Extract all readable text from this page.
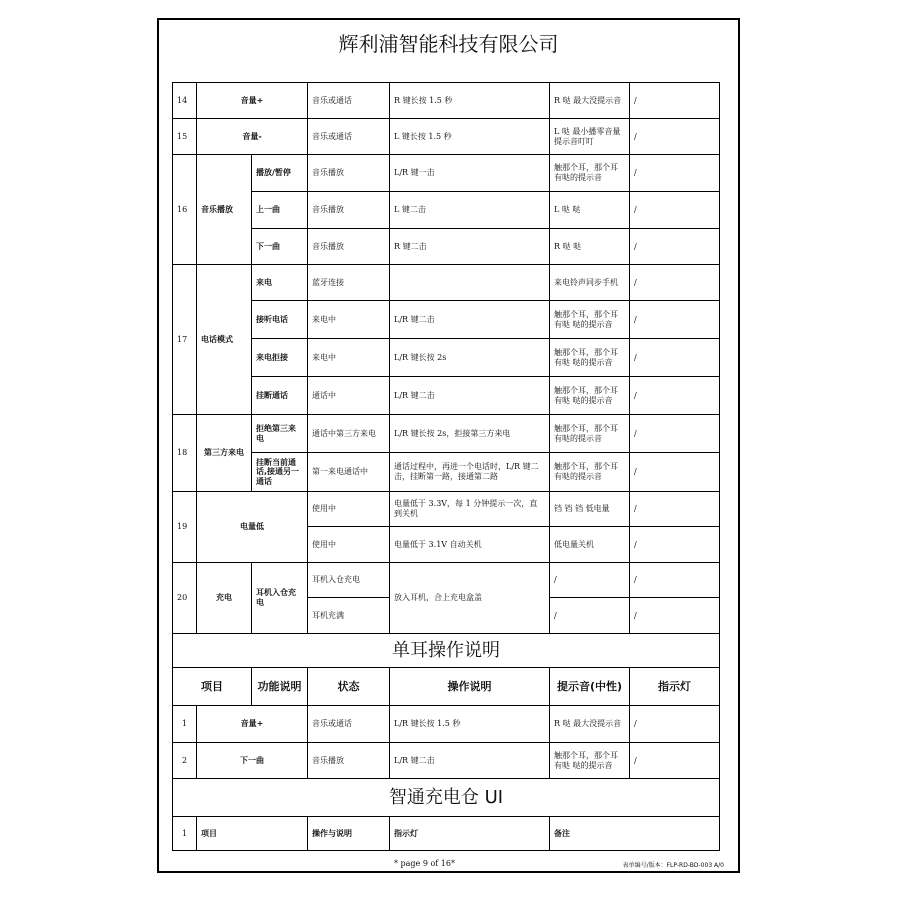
辉利浦智能科技有限公司
14	音量+		音乐或通话	R 键长按 1.5 秒	R 哒 最大没提示音	/
15	音量-		音乐或通话	L 键长按 1.5 秒	L 哒 最小播零音量提示音叮叮	/
16	音乐播放	播放/暂停	音乐播放	L/R 键一击	触那个耳，那个耳有哒的提示音	/
		上一曲	音乐播放	L 键二击	L 哒 哒	/
		下一曲	音乐播放	R 键二击	R 哒 哒	/
17	电话模式	来电	蓝牙连接		来电铃声同步手机	/
		接听电话	来电中	L/R 键二击	触那个耳，那个耳有哒 哒的提示音	/
		来电拒接	来电中	L/R 键长按 2s	触那个耳，那个耳有哒 哒的提示音	/
		挂断通话	通话中	L/R 键二击	触那个耳，那个耳有哒 哒的提示音	/
18	第三方来电	拒绝第三来电	通话中第三方来电	L/R 键长按 2s，拒接第三方来电	触那个耳，那个耳有哒的提示音	/
		挂断当前通话,接通另一通话	第一来电通话中	通话过程中，再进一个电话时，L/R 键二击，挂断第一路，接通第二路	触那个耳，那个耳有哒的提示音	/
19	电量低		使用中	电量低于 3.3V，每 1 分钟提示一次，直到关机	铛 铛 铛 低电量	/
			使用中	电量低于 3.1V 自动关机	低电量关机	/
20	充电	耳机入仓充电	耳机入仓充电	放入耳机，合上充电盒盖	/	/
			耳机充满		/	/
单耳操作说明						
项目		功能说明	状态	操作说明	提示音(中性)	指示灯
1	音量+		音乐或通话	L/R 键长按 1.5 秒	R 哒 最大没提示音	/
2	下一曲		音乐播放	L/R 键二击	触那个耳，那个耳有哒 哒的提示音	/
智通充电仓 UI						
1	项目		操作与说明	指示灯	备注	
* page 9 of 16*	表单编号/版本：FLP-RD-BD-003 A/0
